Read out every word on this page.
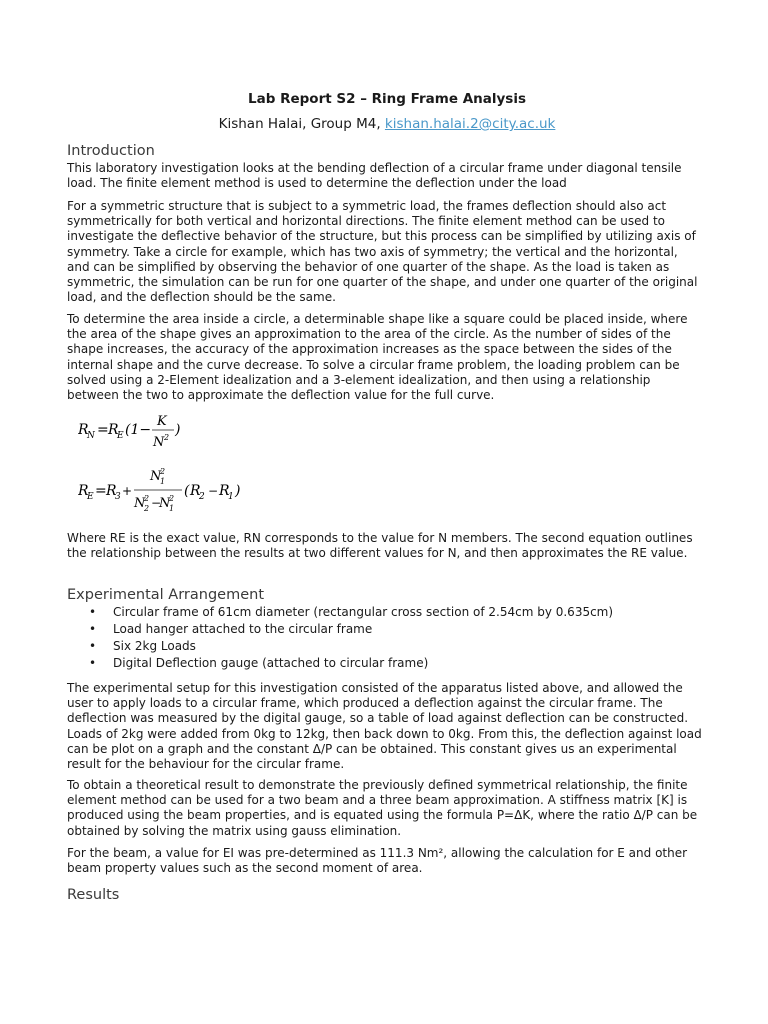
Lab Report S2 – Ring Frame Analysis
Kishan Halai, Group M4, kishan.halai.2@city.ac.uk
Introduction

This laboratory investigation looks at the bending deflection of a circular frame under diagonal tensile load. The finite element method is used to determine the deflection under the load

For a symmetric structure that is subject to a symmetric load, the frames deflection should also act symmetrically for both vertical and horizontal directions. The finite element method can be used to investigate the deflective behavior of the structure, but this process can be simplified by utilizing axis of symmetry. Take a circle for example, which has two axis of symmetry; the vertical and the horizontal, and can be simplified by observing the behavior of one quarter of the shape. As the load is taken as symmetric, the simulation can be run for one quarter of the shape, and under one quarter of the original load, and the deflection should be the same.

To determine the area inside a circle, a determinable shape like a square could be placed inside, where the area of the shape gives an approximation to the area of the circle. As the number of sides of the shape increases, the accuracy of the approximation increases as the space between the sides of the internal shape and the curve decrease. To solve a circular frame problem, the loading problem can be solved using a 2-Element idealization and a 3-element idealization, and then using a relationship between the two to approximate the deflection value for the full curve.

R
N = R
E (1−
K
N 2 )
R
E = R
3 +
N
2
1
N
2
2 −
N
2
1
( R
2 − R
1 )

Where RE is the exact value, RN corresponds to the value for N members. The second equation outlines the relationship between the results at two different values for N, and then approximates the RE value.

Experimental Arrangement
• Circular frame of 61cm diameter (rectangular cross section of 2.54cm by 0.635cm)
• Load hanger attached to the circular frame
• Six 2kg Loads
• Digital Deflection gauge (attached to circular frame)

The experimental setup for this investigation consisted of the apparatus listed above, and allowed the user to apply loads to a circular frame, which produced a deflection against the circular frame. The deflection was measured by the digital gauge, so a table of load against deflection can be constructed. Loads of 2kg were added from 0kg to 12kg, then back down to 0kg. From this, the deflection against load can be plot on a graph and the constant Δ/P can be obtained. This constant gives us an experimental result for the behaviour for the circular frame.

To obtain a theoretical result to demonstrate the previously defined symmetrical relationship, the finite element method can be used for a two beam and a three beam approximation. A stiffness matrix [K] is produced using the beam properties, and is equated using the formula P=ΔK, where the ratio Δ/P can be obtained by solving the matrix using gauss elimination.

For the beam, a value for EI was pre-determined as 111.3 Nm², allowing the calculation for E and other beam property values such as the second moment of area.

Results
